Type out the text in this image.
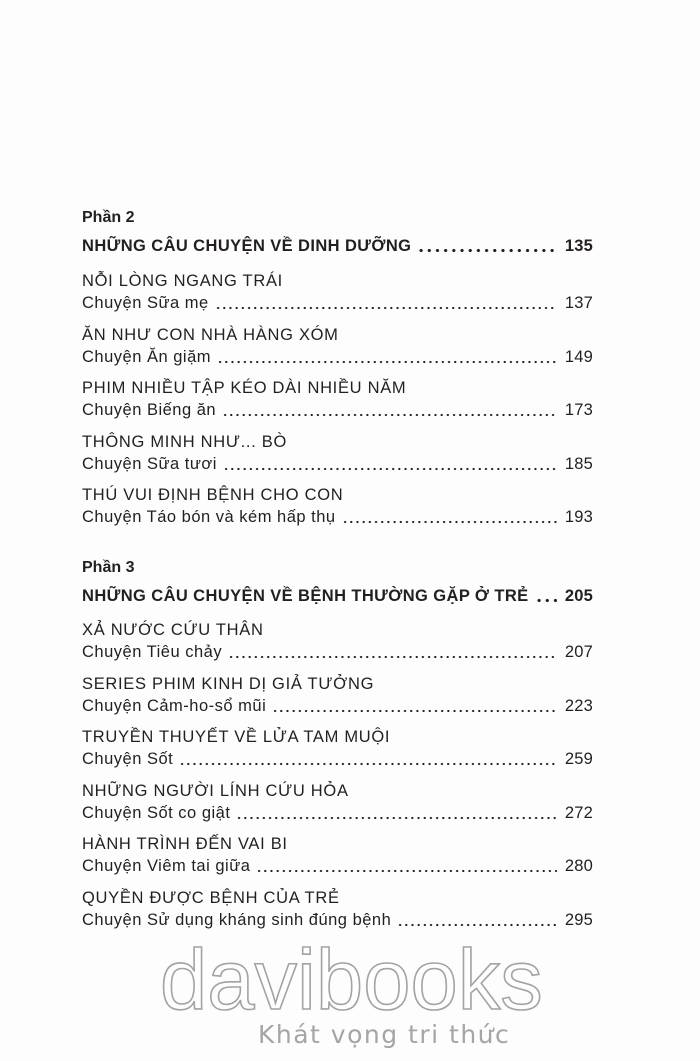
Phần 2
NHỮNG CÂU CHUYỆN VỀ DINH DƯỠNG	135
NỖI LÒNG NGANG TRÁI
Chuyện Sữa mẹ	137
ĂN NHƯ CON NHÀ HÀNG XÓM
Chuyện Ăn giặm	149
PHIM NHIỀU TẬP KÉO DÀI NHIỀU NĂM
Chuyện Biếng ăn	173
THÔNG MINH NHƯ... BÒ
Chuyện Sữa tươi	185
THÚ VUI ĐỊNH BỆNH CHO CON
Chuyện Táo bón và kém hấp thụ	193
Phần 3
NHỮNG CÂU CHUYỆN VỀ BỆNH THƯỜNG GẶP Ở TRẺ 205
XẢ NƯỚC CỨU THÂN
Chuyện Tiêu chảy	207
SERIES PHIM KINH DỊ GIẢ TƯỞNG
Chuyện Cảm-ho-sổ mũi	223
TRUYỀN THUYẾT VỀ LỬA TAM MUỘI
Chuyện Sốt	259
NHỮNG NGƯỜI LÍNH CỨU HỎA
Chuyện Sốt co giật	272
HÀNH TRÌNH ĐẾN VAI BI
Chuyện Viêm tai giữa	280
QUYỀN ĐƯỢC BỆNH CỦA TRẺ
Chuyện Sử dụng kháng sinh đúng bệnh	295
davibooks
Khát vọng tri thức
